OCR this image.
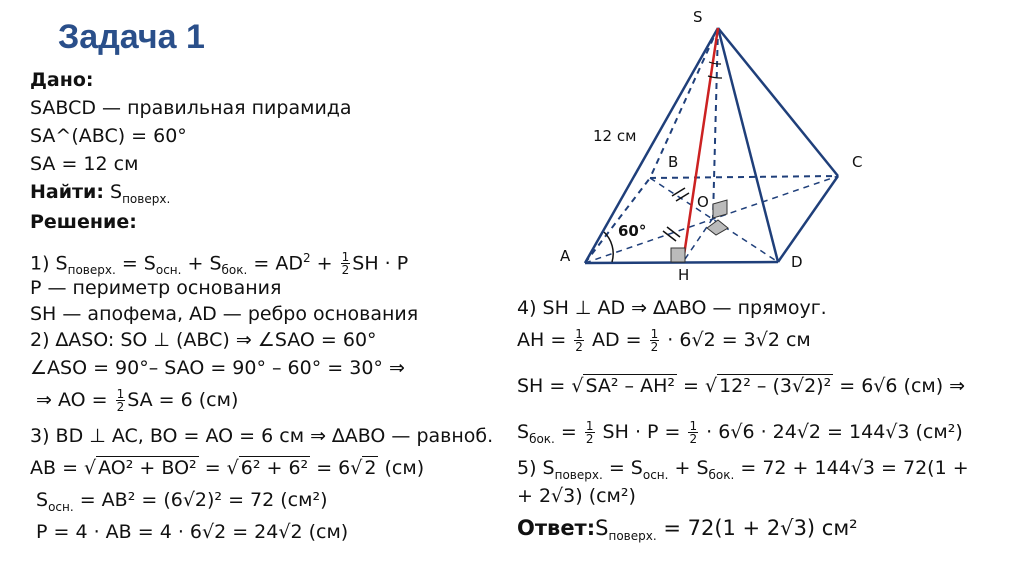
Задача 1
Дано:
SABCD — правильная пирамида
SA^(ABC) = 60°
SA = 12 см
Найти: $S_{поверх.}$
Решение:
1) $S_{поверх.} = S_{осн.} + S_{бок.} = AD^2 + \frac{1}{2}$ SH · P
P — периметр основания
SH — апофема, AD — ребро основания
2) ∆ASO: SO ⊥ (ABC) ⇒ ∠SAO = 60°
∠ASO = 90°– SAO = 90° – 60° = 30° ⇒
⇒ AO = $\frac{1}{2}$ SA = 6 (см)
3) BD ⊥ AC, BO = AO = 6 см ⇒ ∆ABO — равноб.
AB = √ AO² + BO² = √ 6² + 6² = 6√ 2 (см)
$S_{осн.} = AB^2 = (6√2)^2 = 72$ (см²)
P = 4 · AB = 4 · 6√2 = 24√2 (см)
S
A
B	C
D
O
H
12 см
60°
4) SH ⊥ AD ⇒ ∆ABO — прямоуг.
AH = $\frac{1}{2}$ AD = $\frac{1}{2} \cdot 6√2 = 3√2$ см
SH = √ SA² – AH² = √ 12² – (3√2)² = 6√6 (см) ⇒
$S_{бок.} = \frac{1}{2}$ SH · $P = \frac{1}{2} \cdot 6√6 \cdot 24√2 = 144√3$ (см²)
5) $S_{поверх.} = S_{осн.} + S_{бок.} = 72 + 144√3 = 72(1$ +
+ 2√3) (см²)
$Ответ:S_{поверх.} = 72(1 + 2√3)$ см²
